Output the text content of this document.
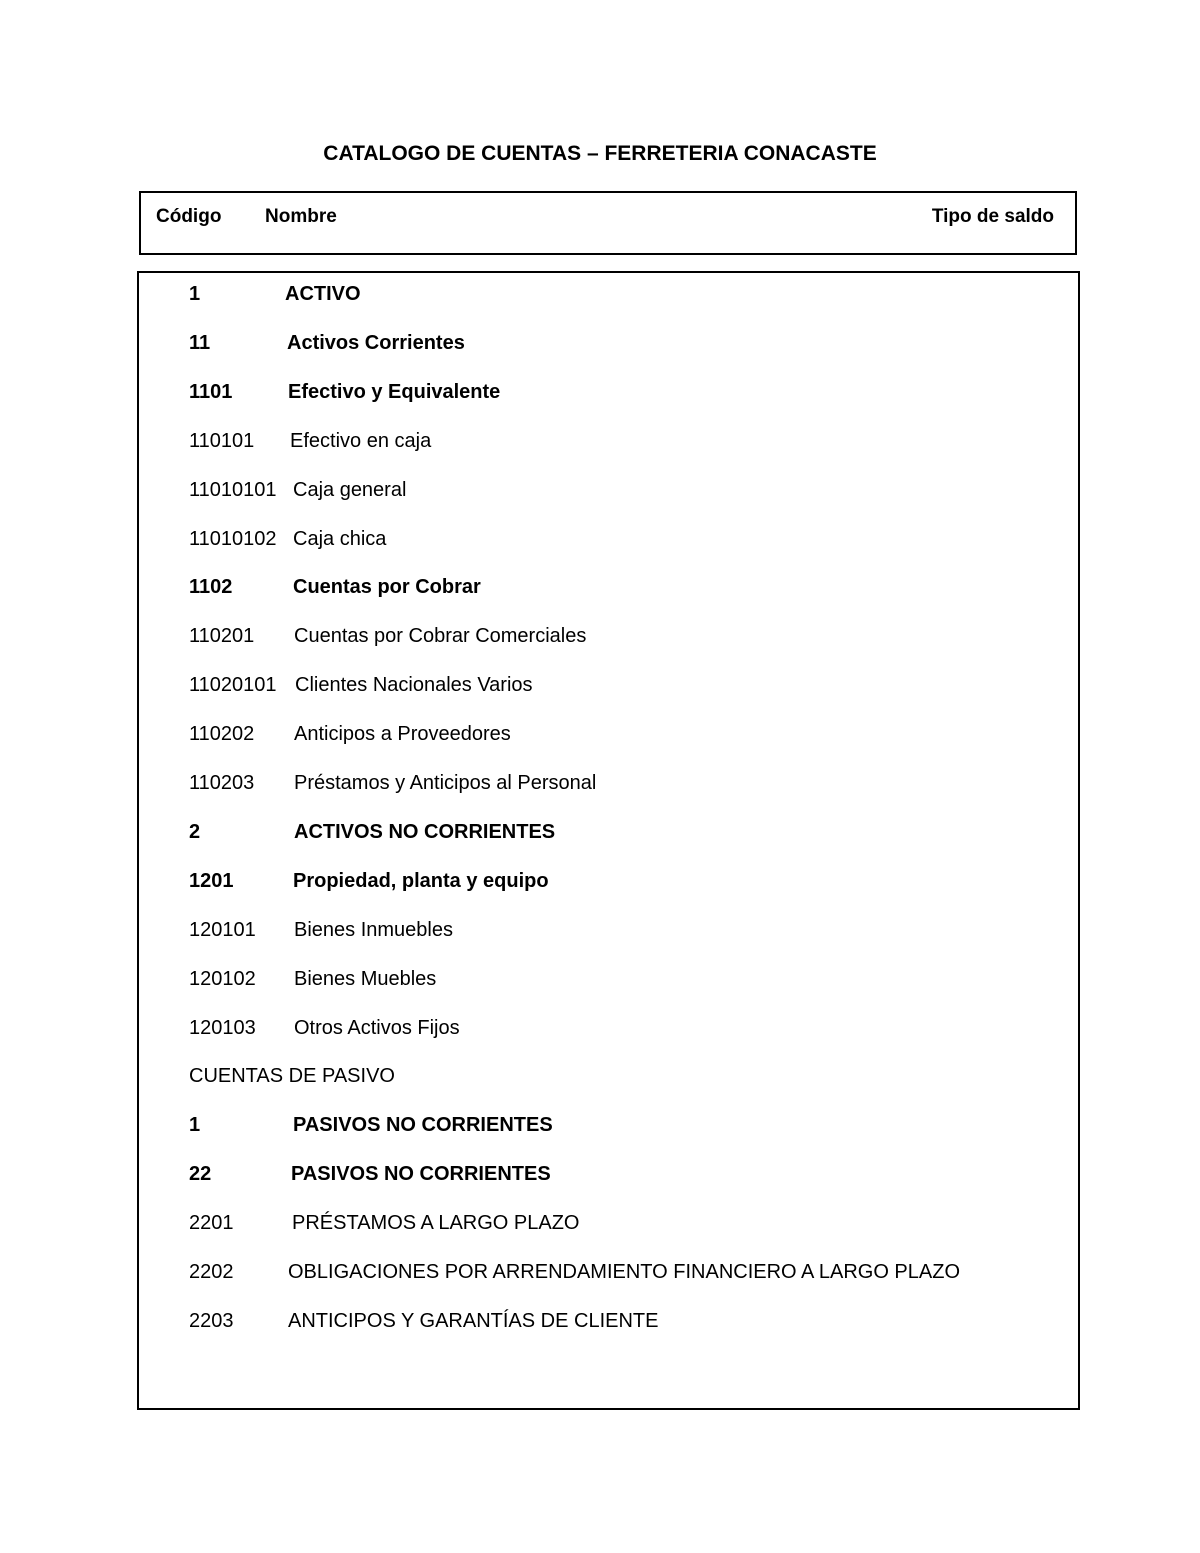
CATALOGO DE CUENTAS – FERRETERIA CONACASTE
Código Nombre	Tipo de saldo
1	ACTIVO
11	Activos Corrientes
1101	Efectivo y Equivalente
110101 Efectivo en caja
11010101 Caja general
11010102 Caja chica
1102	Cuentas por Cobrar
110201 Cuentas por Cobrar Comerciales
11020101 Clientes Nacionales Varios
110202 Anticipos a Proveedores
110203 Préstamos y Anticipos al Personal
2	ACTIVOS NO CORRIENTES
1201	Propiedad, planta y equipo
120101 Bienes Inmuebles
120102 Bienes Muebles
120103 Otros Activos Fijos
CUENTAS DE PASIVO
1	PASIVOS NO CORRIENTES
22	PASIVOS NO CORRIENTES
2201	PRÉSTAMOS A LARGO PLAZO
2202	OBLIGACIONES POR ARRENDAMIENTO FINANCIERO A LARGO PLAZO
2203	ANTICIPOS Y GARANTÍAS DE CLIENTE
